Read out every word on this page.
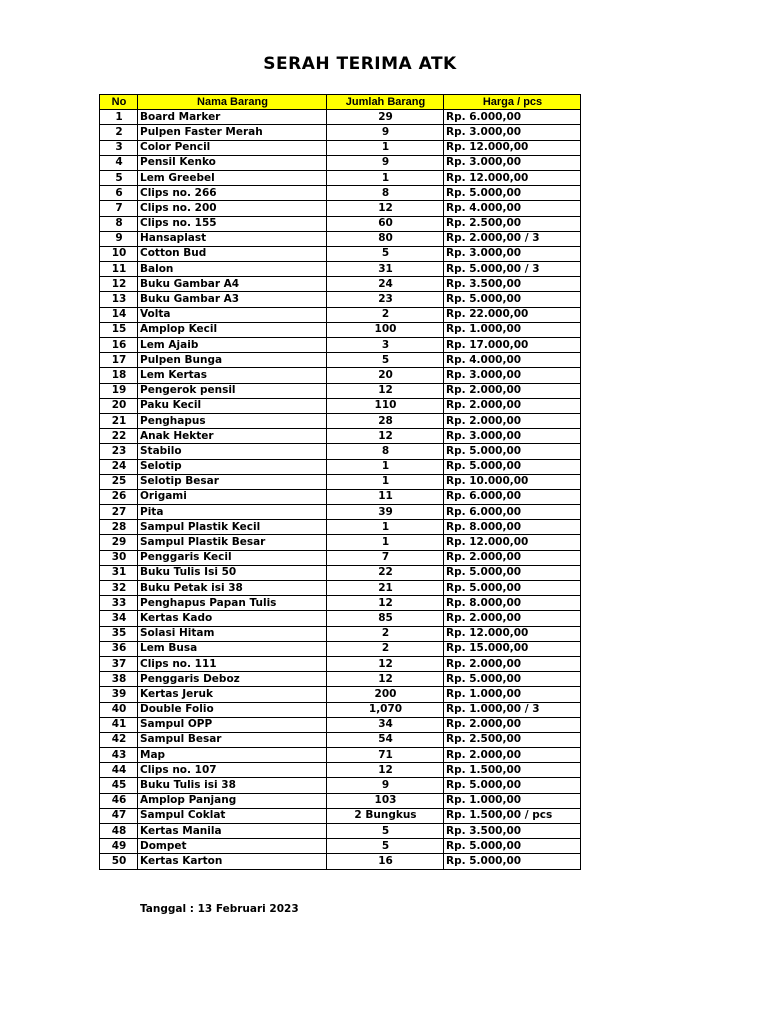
SERAH TERIMA ATK
No	Nama Barang	Jumlah Barang	Harga / pcs
1	Board Marker	29	Rp. 6.000,00
2	Pulpen Faster Merah	9	Rp. 3.000,00
3	Color Pencil	1	Rp. 12.000,00
4	Pensil Kenko	9	Rp. 3.000,00
5	Lem Greebel	1	Rp. 12.000,00
6	Clips no. 266	8	Rp. 5.000,00
7	Clips no. 200	12	Rp. 4.000,00
8	Clips no. 155	60	Rp. 2.500,00
9	Hansaplast	80	Rp. 2.000,00 / 3
10	Cotton Bud	5	Rp. 3.000,00
11	Balon	31	Rp. 5.000,00 / 3
12	Buku Gambar A4	24	Rp. 3.500,00
13	Buku Gambar A3	23	Rp. 5.000,00
14	Volta	2	Rp. 22.000,00
15	Amplop Kecil	100	Rp. 1.000,00
16	Lem Ajaib	3	Rp. 17.000,00
17	Pulpen Bunga	5	Rp. 4.000,00
18	Lem Kertas	20	Rp. 3.000,00
19	Pengerok pensil	12	Rp. 2.000,00
20	Paku Kecil	110	Rp. 2.000,00
21	Penghapus	28	Rp. 2.000,00
22	Anak Hekter	12	Rp. 3.000,00
23	Stabilo	8	Rp. 5.000,00
24	Selotip	1	Rp. 5.000,00
25	Selotip Besar	1	Rp. 10.000,00
26	Origami	11	Rp. 6.000,00
27	Pita	39	Rp. 6.000,00
28	Sampul Plastik Kecil	1	Rp. 8.000,00
29	Sampul Plastik Besar	1	Rp. 12.000,00
30	Penggaris Kecil	7	Rp. 2.000,00
31	Buku Tulis Isi 50	22	Rp. 5.000,00
32	Buku Petak isi 38	21	Rp. 5.000,00
33	Penghapus Papan Tulis	12	Rp. 8.000,00
34	Kertas Kado	85	Rp. 2.000,00
35	Solasi Hitam	2	Rp. 12.000,00
36	Lem Busa	2	Rp. 15.000,00
37	Clips no. 111	12	Rp. 2.000,00
38	Penggaris Deboz	12	Rp. 5.000,00
39	Kertas Jeruk	200	Rp. 1.000,00
40	Double Folio	1,070	Rp. 1.000,00 / 3
41	Sampul OPP	34	Rp. 2.000,00
42	Sampul Besar	54	Rp. 2.500,00
43	Map	71	Rp. 2.000,00
44	Clips no. 107	12	Rp. 1.500,00
45	Buku Tulis isi 38	9	Rp. 5.000,00
46	Amplop Panjang	103	Rp. 1.000,00
47	Sampul Coklat	2 Bungkus	Rp. 1.500,00 / pcs
48	Kertas Manila	5	Rp. 3.500,00
49	Dompet	5	Rp. 5.000,00
50	Kertas Karton	16	Rp. 5.000,00
Tanggal : 13 Februari 2023
